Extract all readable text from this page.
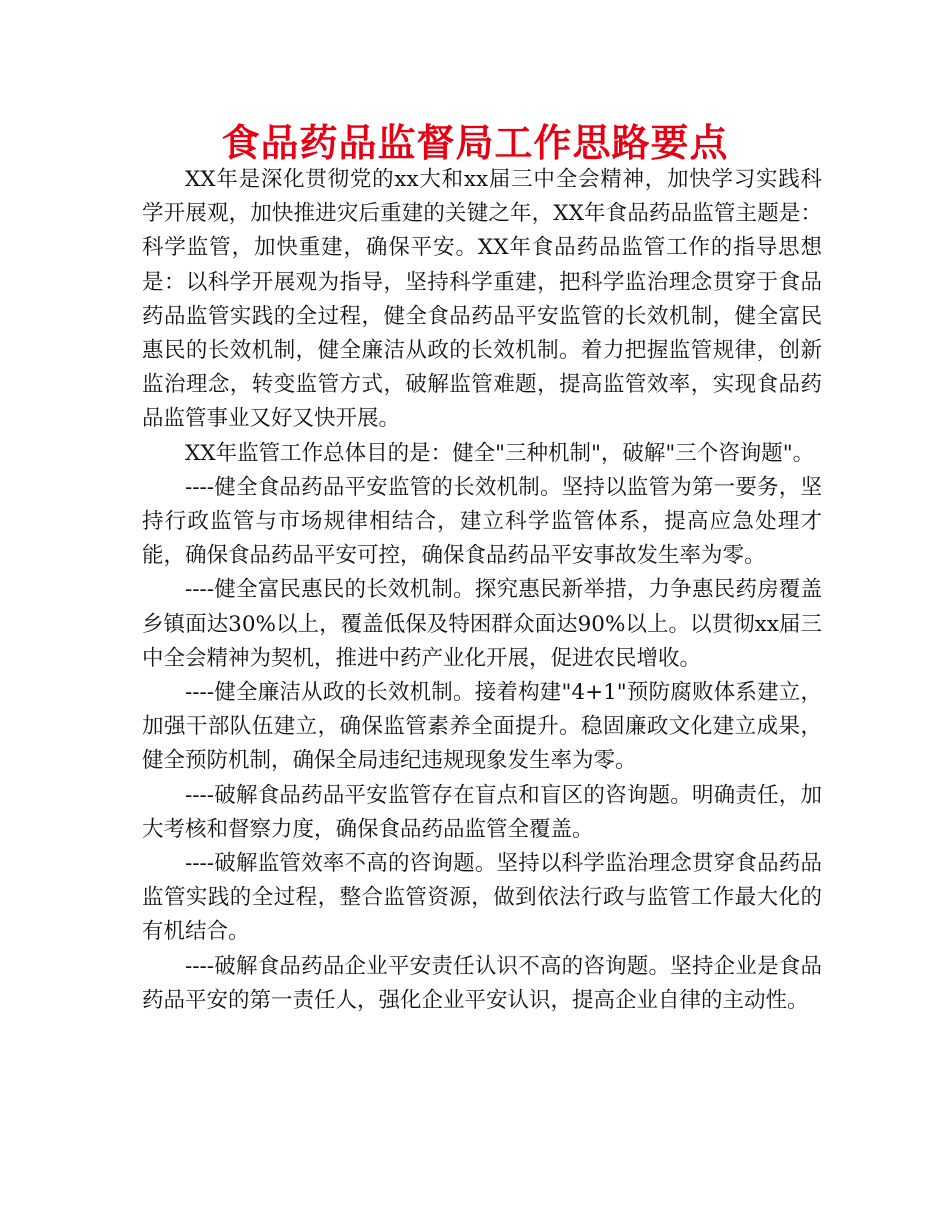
食品药品监督局工作思路要点

XX年是深化贯彻党的xx大和xx届三中全会精神，加快学习实践科学开展观，加快推进灾后重建的关键之年，XX年食品药品监管主题是：科学监管，加快重建，确保平安。XX年食品药品监管工作的指导思想是：以科学开展观为指导，坚持科学重建，把科学监治理念贯穿于食品药品监管实践的全过程，健全食品药品平安监管的长效机制，健全富民惠民的长效机制，健全廉洁从政的长效机制。着力把握监管规律，创新监治理念，转变监管方式，破解监管难题，提高监管效率，实现食品药品监管事业又好又快开展。

XX年监管工作总体目的是：健全"三种机制"，破解"三个咨询题"。

----健全食品药品平安监管的长效机制。坚持以监管为第一要务，坚持行政监管与市场规律相结合，建立科学监管体系，提高应急处理才能，确保食品药品平安可控，确保食品药品平安事故发生率为零。

----健全富民惠民的长效机制。探究惠民新举措，力争惠民药房覆盖乡镇面达30%以上，覆盖低保及特困群众面达90%以上。以贯彻xx届三中全会精神为契机，推进中药产业化开展，促进农民增收。

----健全廉洁从政的长效机制。接着构建"4+1"预防腐败体系建立，加强干部队伍建立，确保监管素养全面提升。稳固廉政文化建立成果，健全预防机制，确保全局违纪违规现象发生率为零。

----破解食品药品平安监管存在盲点和盲区的咨询题。明确责任，加大考核和督察力度，确保食品药品监管全覆盖。

----破解监管效率不高的咨询题。坚持以科学监治理念贯穿食品药品监管实践的全过程，整合监管资源，做到依法行政与监管工作最大化的有机结合。

----破解食品药品企业平安责任认识不高的咨询题。坚持企业是食品药品平安的第一责任人，强化企业平安认识，提高企业自律的主动性。
